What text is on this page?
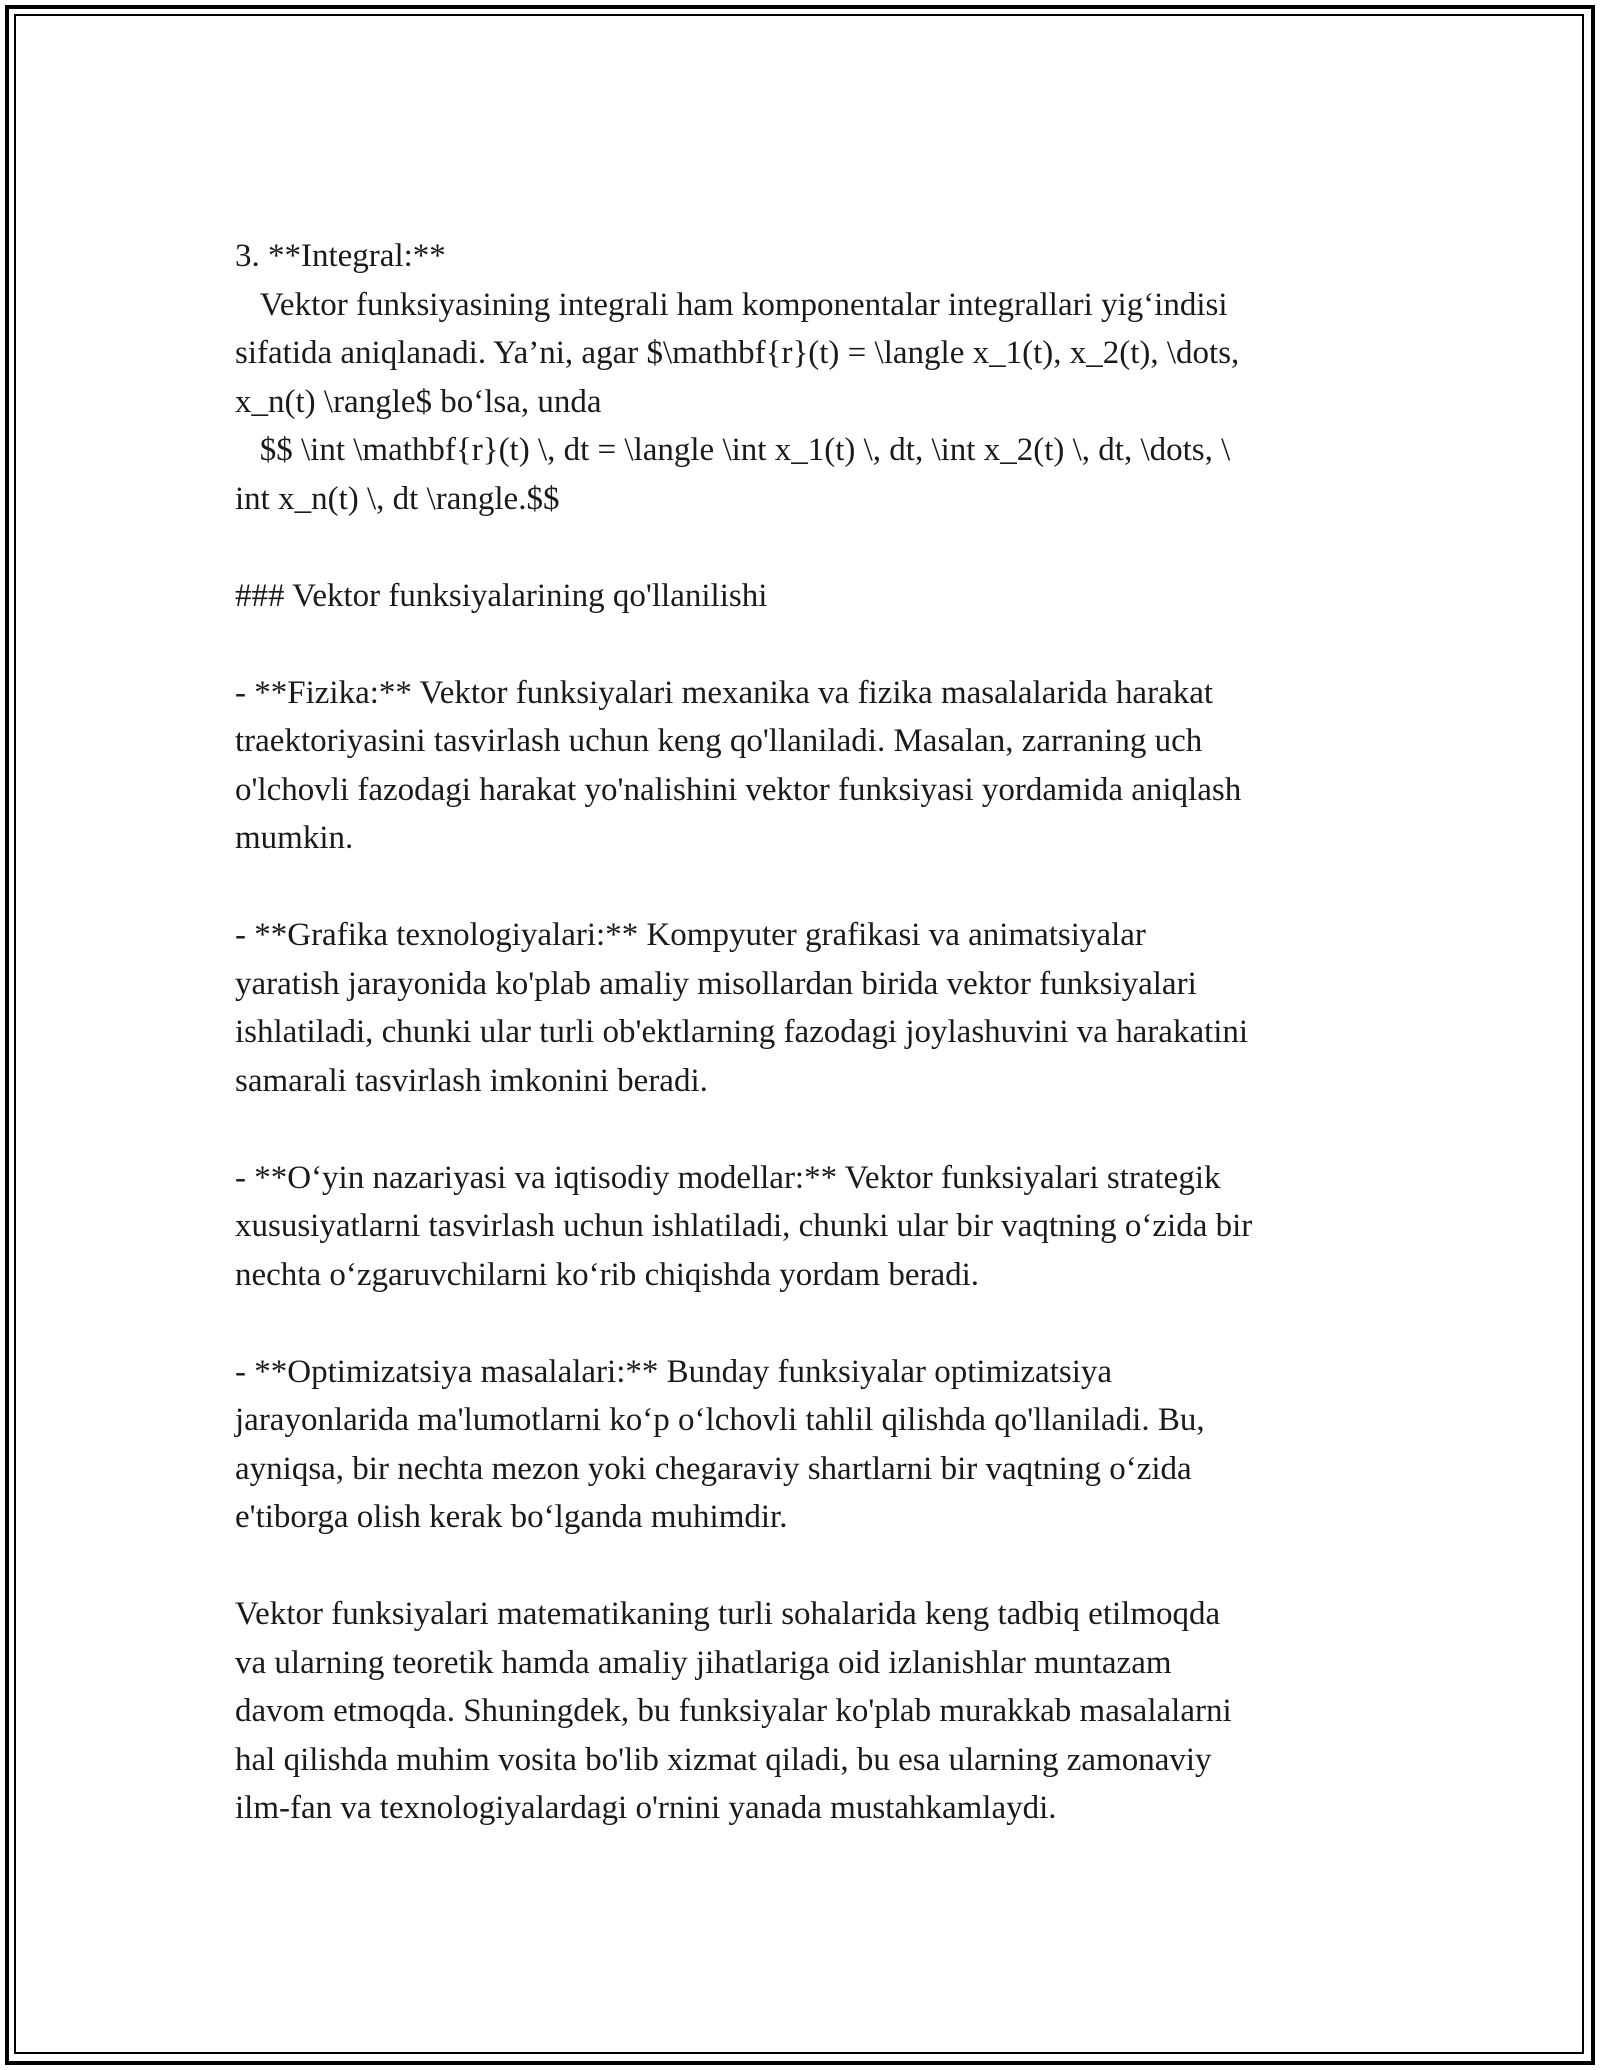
3. **Integral:**
Vektor funksiyasining integrali ham komponentalar integrallari yig‘indisi
sifatida aniqlanadi. Ya’ni, agar $\mathbf{r}(t) = \langle x_1(t), x_2(t), \dots,
x_n(t) \rangle$ bo‘lsa, unda
$$ \int \mathbf{r}(t) \, dt = \langle \int x_1(t) \, dt, \int x_2(t) \, dt, \dots, \
int x_n(t) \, dt \rangle.$$
### Vektor funksiyalarining qo'llanilishi
- **Fizika:** Vektor funksiyalari mexanika va fizika masalalarida harakat
traektoriyasini tasvirlash uchun keng qo'llaniladi. Masalan, zarraning uch
o'lchovli fazodagi harakat yo'nalishini vektor funksiyasi yordamida aniqlash
mumkin.
- **Grafika texnologiyalari:** Kompyuter grafikasi va animatsiyalar
yaratish jarayonida ko'plab amaliy misollardan birida vektor funksiyalari
ishlatiladi, chunki ular turli ob'ektlarning fazodagi joylashuvini va harakatini
samarali tasvirlash imkonini beradi.
- **O‘yin nazariyasi va iqtisodiy modellar:** Vektor funksiyalari strategik
xususiyatlarni tasvirlash uchun ishlatiladi, chunki ular bir vaqtning o‘zida bir
nechta o‘zgaruvchilarni ko‘rib chiqishda yordam beradi.
- **Optimizatsiya masalalari:** Bunday funksiyalar optimizatsiya
jarayonlarida ma'lumotlarni ko‘p o‘lchovli tahlil qilishda qo'llaniladi. Bu,
ayniqsa, bir nechta mezon yoki chegaraviy shartlarni bir vaqtning o‘zida
e'tiborga olish kerak bo‘lganda muhimdir.
Vektor funksiyalari matematikaning turli sohalarida keng tadbiq etilmoqda
va ularning teoretik hamda amaliy jihatlariga oid izlanishlar muntazam
davom etmoqda. Shuningdek, bu funksiyalar ko'plab murakkab masalalarni
hal qilishda muhim vosita bo'lib xizmat qiladi, bu esa ularning zamonaviy
ilm-fan va texnologiyalardagi o'rnini yanada mustahkamlaydi.
